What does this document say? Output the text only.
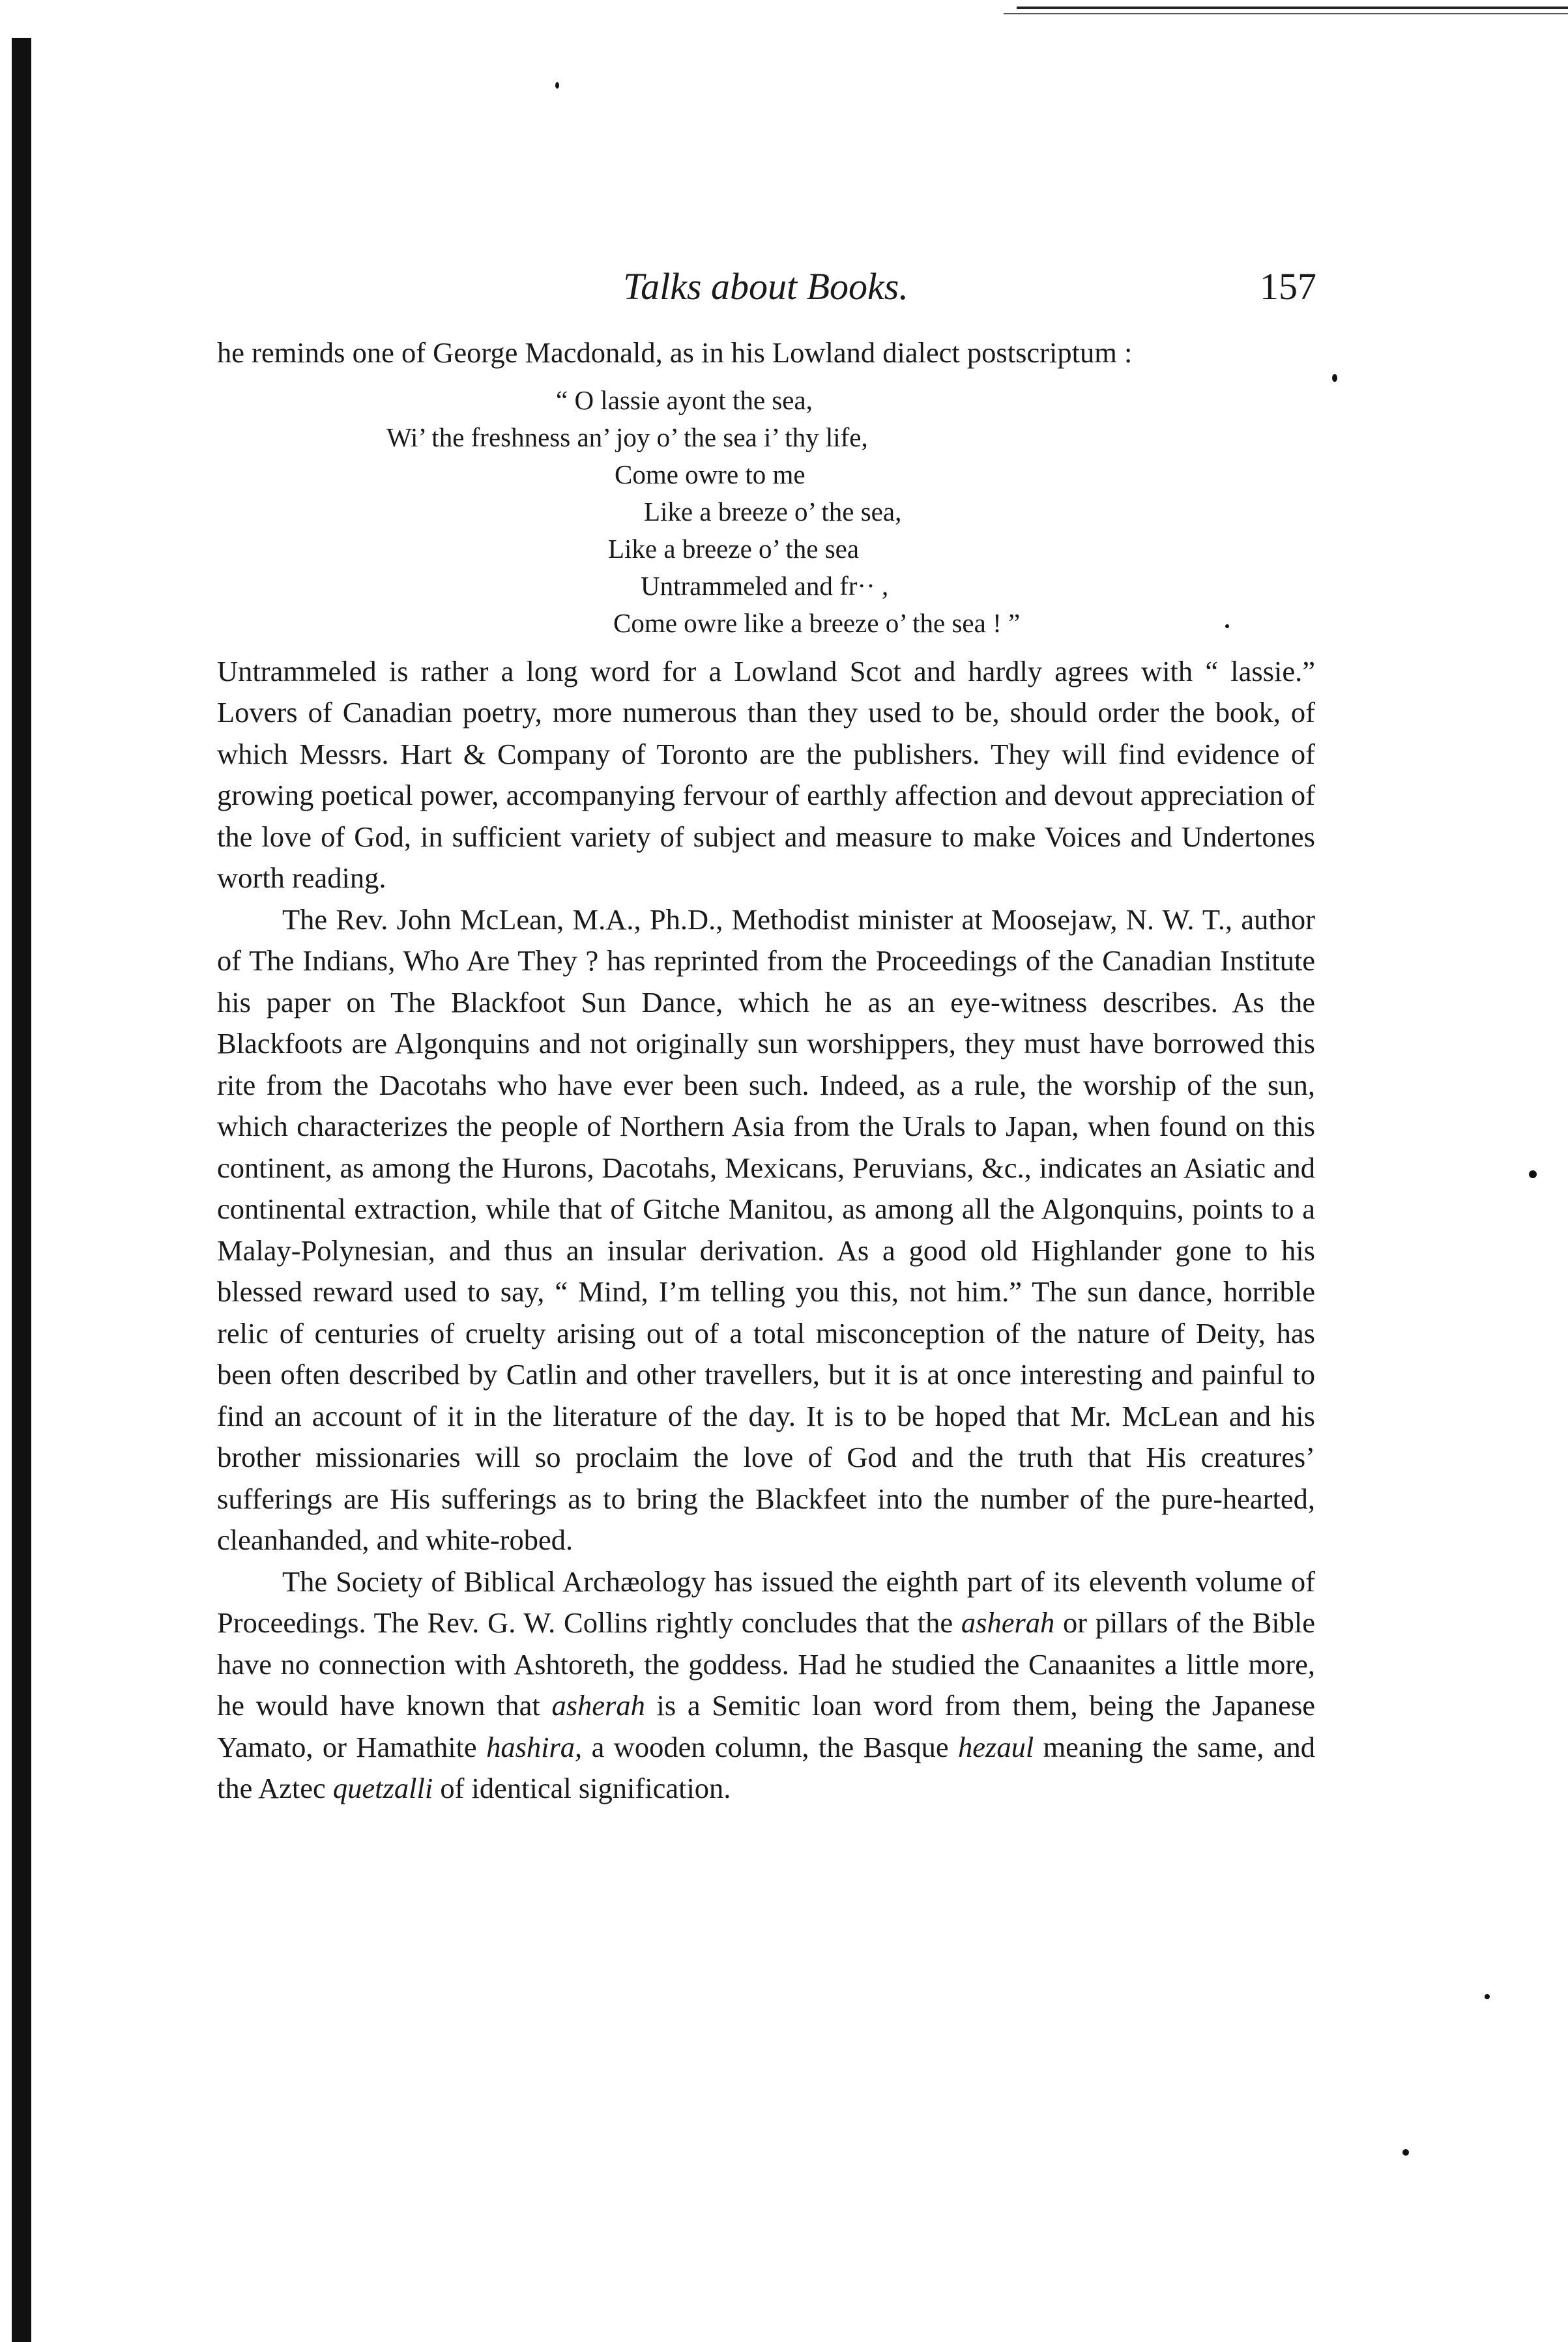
Talks about Books.	157

he reminds one of George Macdonald, as in his Lowland dialect postscriptum :

“ O lassie ayont the sea,
Wi’ the freshness an’ joy o’ the sea i’ thy life,
Come owre to me
Like a breeze o’ the sea,
Like a breeze o’ the sea
Untrammeled and fr·· ,
Come owre like a breeze o’ the sea ! ”

Untrammeled is rather a long word for a Lowland Scot and hardly agrees with “ lassie.” Lovers of Canadian poetry, more numerous than they used to be, should order the book, of which Messrs. Hart & Company of Toronto are the publishers. They will find evidence of growing poetical power, accompanying fervour of earthly affection and devout appreciation of the love of God, in sufficient variety of subject and measure to make Voices and Undertones worth reading.

The Rev. John McLean, M.A., Ph.D., Methodist minister at Moosejaw, N. W. T., author of The Indians, Who Are They ? has reprinted from the Proceedings of the Canadian Institute his paper on The Blackfoot Sun Dance, which he as an eye-witness describes. As the Blackfoots are Algonquins and not originally sun worshippers, they must have borrowed this rite from the Dacotahs who have ever been such. Indeed, as a rule, the worship of the sun, which characterizes the people of Northern Asia from the Urals to Japan, when found on this continent, as among the Hurons, Dacotahs, Mexicans, Peruvians, &c., indicates an Asiatic and continental extraction, while that of Gitche Manitou, as among all the Algonquins, points to a Malay-Polynesian, and thus an insular derivation. As a good old Highlander gone to his blessed reward used to say, “ Mind, I’m telling you this, not him.” The sun dance, horrible relic of centuries of cruelty arising out of a total misconception of the nature of Deity, has been often described by Catlin and other travellers, but it is at once interesting and painful to find an account of it in the literature of the day. It is to be hoped that Mr. McLean and his brother missionaries will so proclaim the love of God and the truth that His creatures’ sufferings are His sufferings as to bring the Blackfeet into the number of the pure-hearted, cleanhanded, and white-robed.

The Society of Biblical Archæology has issued the eighth part of its eleventh volume of Proceedings. The Rev. G. W. Collins rightly concludes that the asherah or pillars of the Bible have no connection with Ashtoreth, the goddess. Had he studied the Canaanites a little more, he would have known that asherah is a Semitic loan word from them, being the Japanese Yamato, or Hamathite hashira, a wooden column, the Basque hezaul meaning the same, and the Aztec quetzalli of identical signification.
